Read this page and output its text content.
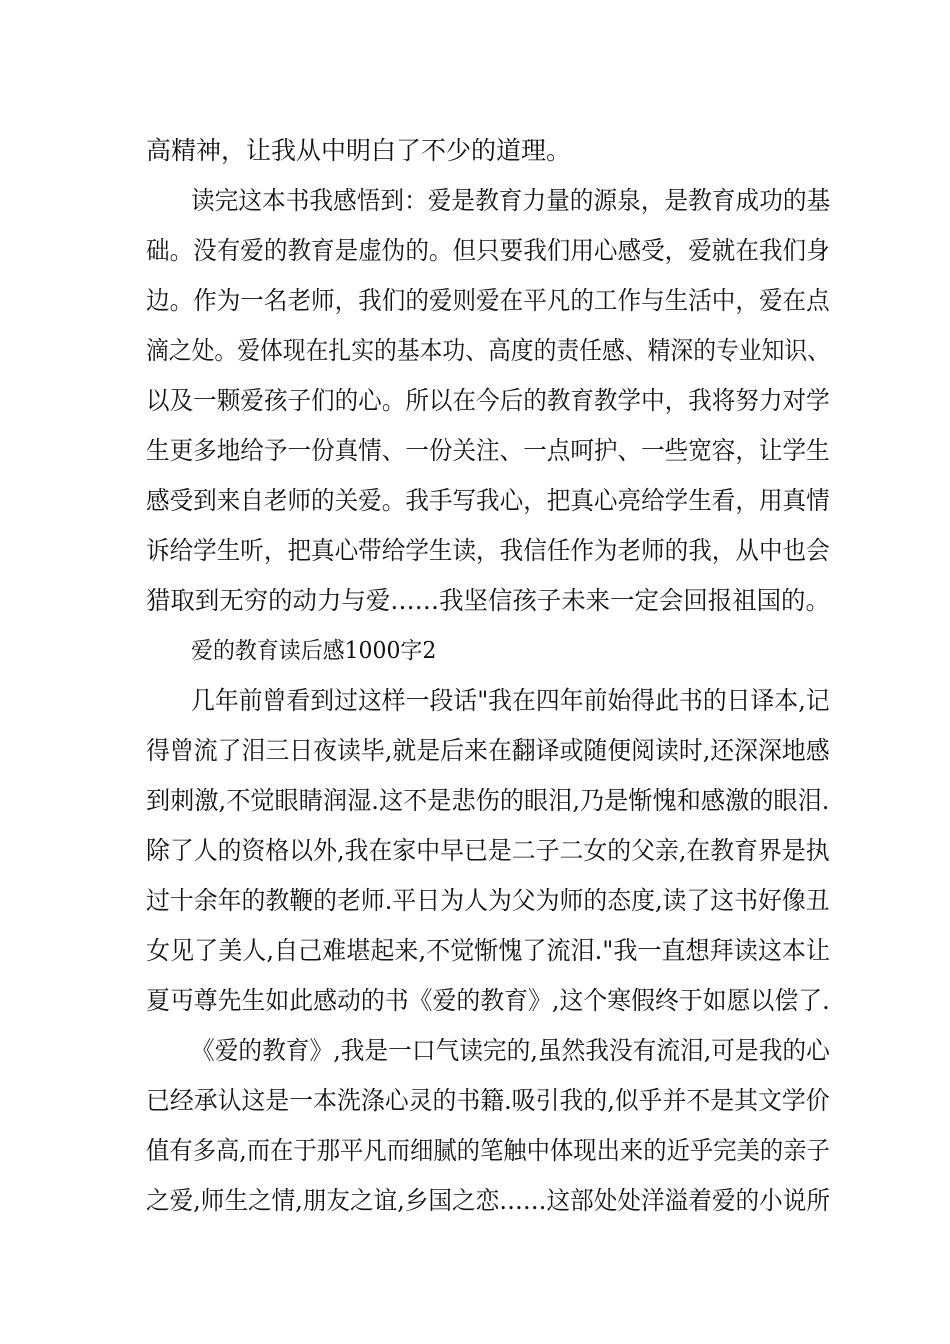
高精神，让我从中明白了不少的道理。
读完这本书我感悟到：爱是教育力量的源泉，是教育成功的基
础。没有爱的教育是虚伪的。但只要我们用心感受，爱就在我们身
边。作为一名老师，我们的爱则爱在平凡的工作与生活中，爱在点
滴之处。爱体现在扎实的基本功、高度的责任感、精深的专业知识、
以及一颗爱孩子们的心。所以在今后的教育教学中，我将努力对学
生更多地给予一份真情、一份关注、一点呵护、一些宽容，让学生
感受到来自老师的关爱。我手写我心，把真心亮给学生看，用真情
诉给学生听，把真心带给学生读，我信任作为老师的我，从中也会
猎取到无穷的动力与爱……我坚信孩子未来一定会回报祖国的。
爱的教育读后感1000字2
几年前曾看到过这样一段话"我在四年前始得此书的日译本,记
得曾流了泪三日夜读毕,就是后来在翻译或随便阅读时,还深深地感
到刺激,不觉眼睛润湿.这不是悲伤的眼泪,乃是惭愧和感激的眼泪.
除了人的资格以外,我在家中早已是二子二女的父亲,在教育界是执
过十余年的教鞭的老师.平日为人为父为师的态度,读了这书好像丑
女见了美人,自己难堪起来,不觉惭愧了流泪."我一直想拜读这本让
夏丏尊先生如此感动的书《爱的教育》,这个寒假终于如愿以偿了.
《爱的教育》,我是一口气读完的,虽然我没有流泪,可是我的心
已经承认这是一本洗涤心灵的书籍.吸引我的,似乎并不是其文学价
值有多高,而在于那平凡而细腻的笔触中体现出来的近乎完美的亲子
之爱,师生之情,朋友之谊,乡国之恋……这部处处洋溢着爱的小说所
